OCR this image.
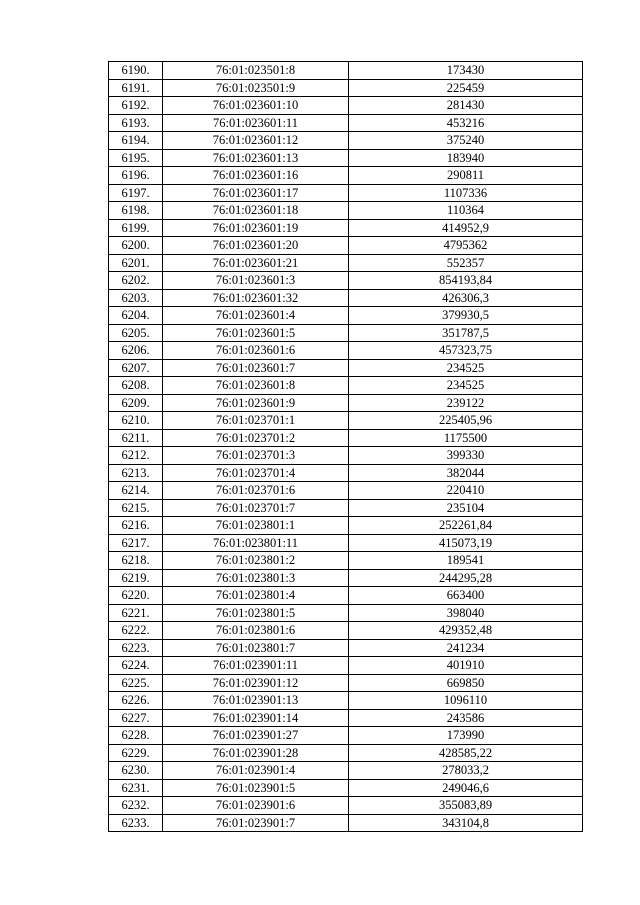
6190.	76:01:023501:8	173430
6191.	76:01:023501:9	225459
6192.	76:01:023601:10	281430
6193.	76:01:023601:11	453216
6194.	76:01:023601:12	375240
6195.	76:01:023601:13	183940
6196.	76:01:023601:16	290811
6197.	76:01:023601:17	1107336
6198.	76:01:023601:18	110364
6199.	76:01:023601:19	414952,9
6200.	76:01:023601:20	4795362
6201.	76:01:023601:21	552357
6202.	76:01:023601:3	854193,84
6203.	76:01:023601:32	426306,3
6204.	76:01:023601:4	379930,5
6205.	76:01:023601:5	351787,5
6206.	76:01:023601:6	457323,75
6207.	76:01:023601:7	234525
6208.	76:01:023601:8	234525
6209.	76:01:023601:9	239122
6210.	76:01:023701:1	225405,96
6211.	76:01:023701:2	1175500
6212.	76:01:023701:3	399330
6213.	76:01:023701:4	382044
6214.	76:01:023701:6	220410
6215.	76:01:023701:7	235104
6216.	76:01:023801:1	252261,84
6217.	76:01:023801:11	415073,19
6218.	76:01:023801:2	189541
6219.	76:01:023801:3	244295,28
6220.	76:01:023801:4	663400
6221.	76:01:023801:5	398040
6222.	76:01:023801:6	429352,48
6223.	76:01:023801:7	241234
6224.	76:01:023901:11	401910
6225.	76:01:023901:12	669850
6226.	76:01:023901:13	1096110
6227.	76:01:023901:14	243586
6228.	76:01:023901:27	173990
6229.	76:01:023901:28	428585,22
6230.	76:01:023901:4	278033,2
6231.	76:01:023901:5	249046,6
6232.	76:01:023901:6	355083,89
6233.	76:01:023901:7	343104,8
